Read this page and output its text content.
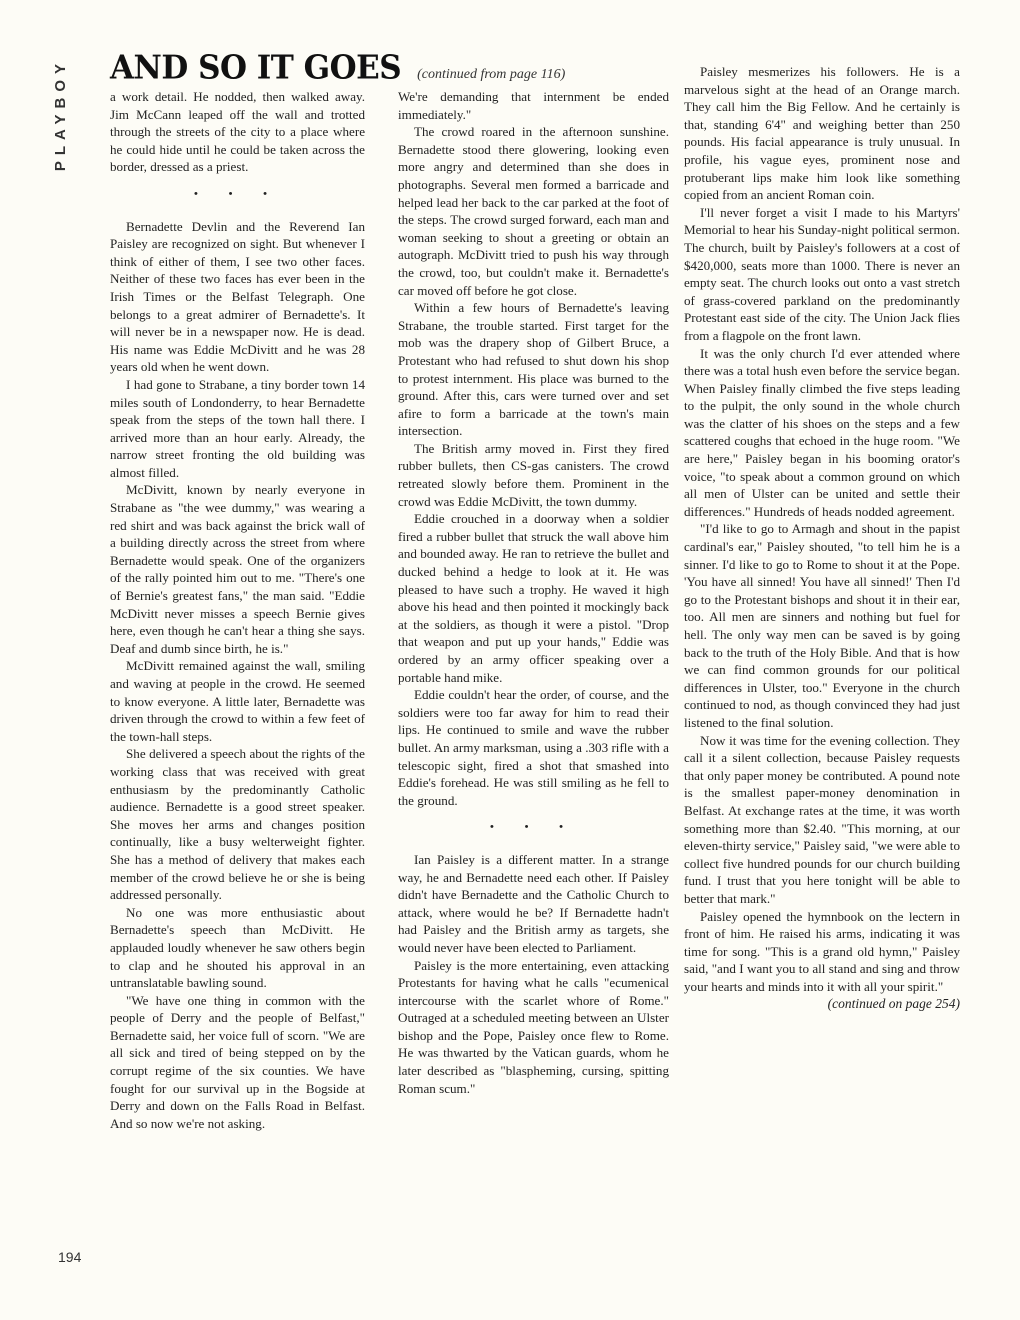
PLAYBOY	AND SO IT GOES (continued from page 116)

a work detail. He nodded, then walked away. Jim McCann leaped off the wall and trotted through the streets of the city to a place where he could hide until he could be taken across the border, dressed as a priest.

• • •

Bernadette Devlin and the Reverend Ian Paisley are recognized on sight. But whenever I think of either of them, I see two other faces. Neither of these two faces has ever been in the Irish Times or the Belfast Telegraph. One belongs to a great admirer of Bernadette's. It will never be in a newspaper now. He is dead. His name was Eddie McDivitt and he was 28 years old when he went down.

I had gone to Strabane, a tiny border town 14 miles south of Londonderry, to hear Bernadette speak from the steps of the town hall there. I arrived more than an hour early. Already, the narrow street fronting the old building was almost filled.

McDivitt, known by nearly everyone in Strabane as "the wee dummy," was wearing a red shirt and was back against the brick wall of a building directly across the street from where Bernadette would speak. One of the organizers of the rally pointed him out to me. "There's one of Bernie's greatest fans," the man said. "Eddie McDivitt never misses a speech Bernie gives here, even though he can't hear a thing she says. Deaf and dumb since birth, he is."

McDivitt remained against the wall, smiling and waving at people in the crowd. He seemed to know everyone. A little later, Bernadette was driven through the crowd to within a few feet of the town-hall steps.

She delivered a speech about the rights of the working class that was received with great enthusiasm by the predominantly Catholic audience. Bernadette is a good street speaker. She moves her arms and changes position continually, like a busy welterweight fighter. She has a method of delivery that makes each member of the crowd believe he or she is being addressed personally.

No one was more enthusiastic about Bernadette's speech than McDivitt. He applauded loudly whenever he saw others begin to clap and he shouted his approval in an untranslatable bawling sound.

"We have one thing in common with the people of Derry and the people of Belfast," Bernadette said, her voice full of scorn. "We are all sick and tired of being stepped on by the corrupt regime of the six counties. We have fought for our survival up in the Bogside at Derry and down on the Falls Road in Belfast. And so now we're not asking.

We're demanding that internment be ended immediately."

The crowd roared in the afternoon sunshine. Bernadette stood there glowering, looking even more angry and determined than she does in photographs. Several men formed a barricade and helped lead her back to the car parked at the foot of the steps. The crowd surged forward, each man and woman seeking to shout a greeting or obtain an autograph. McDivitt tried to push his way through the crowd, too, but couldn't make it. Bernadette's car moved off before he got close.

Within a few hours of Bernadette's leaving Strabane, the trouble started. First target for the mob was the drapery shop of Gilbert Bruce, a Protestant who had refused to shut down his shop to protest internment. His place was burned to the ground. After this, cars were turned over and set afire to form a barricade at the town's main intersection.

The British army moved in. First they fired rubber bullets, then CS-gas canisters. The crowd retreated slowly before them. Prominent in the crowd was Eddie McDivitt, the town dummy.

Eddie crouched in a doorway when a soldier fired a rubber bullet that struck the wall above him and bounded away. He ran to retrieve the bullet and ducked behind a hedge to look at it. He was pleased to have such a trophy. He waved it high above his head and then pointed it mockingly back at the soldiers, as though it were a pistol. "Drop that weapon and put up your hands," Eddie was ordered by an army officer speaking over a portable hand mike.

Eddie couldn't hear the order, of course, and the soldiers were too far away for him to read their lips. He continued to smile and wave the rubber bullet. An army marksman, using a .303 rifle with a telescopic sight, fired a shot that smashed into Eddie's forehead. He was still smiling as he fell to the ground.

• • •

Ian Paisley is a different matter. In a strange way, he and Bernadette need each other. If Paisley didn't have Bernadette and the Catholic Church to attack, where would he be? If Bernadette hadn't had Paisley and the British army as targets, she would never have been elected to Parliament.

Paisley is the more entertaining, even attacking Protestants for having what he calls "ecumenical intercourse with the scarlet whore of Rome." Outraged at a scheduled meeting between an Ulster bishop and the Pope, Paisley once flew to Rome. He was thwarted by the Vatican guards, whom he later described as "blaspheming, cursing, spitting Roman scum."

Paisley mesmerizes his followers. He is a marvelous sight at the head of an Orange march. They call him the Big Fellow. And he certainly is that, standing 6'4" and weighing better than 250 pounds. His facial appearance is truly unusual. In profile, his vague eyes, prominent nose and protuberant lips make him look like something copied from an ancient Roman coin.

I'll never forget a visit I made to his Martyrs' Memorial to hear his Sunday-night political sermon. The church, built by Paisley's followers at a cost of $420,000, seats more than 1000. There is never an empty seat. The church looks out onto a vast stretch of grass-covered parkland on the predominantly Protestant east side of the city. The Union Jack flies from a flagpole on the front lawn.

It was the only church I'd ever attended where there was a total hush even before the service began. When Paisley finally climbed the five steps leading to the pulpit, the only sound in the whole church was the clatter of his shoes on the steps and a few scattered coughs that echoed in the huge room. "We are here," Paisley began in his booming orator's voice, "to speak about a common ground on which all men of Ulster can be united and settle their differences." Hundreds of heads nodded agreement.

"I'd like to go to Armagh and shout in the papist cardinal's ear," Paisley shouted, "to tell him he is a sinner. I'd like to go to Rome to shout it at the Pope. 'You have all sinned! You have all sinned!' Then I'd go to the Protestant bishops and shout it in their ear, too. All men are sinners and nothing but fuel for hell. The only way men can be saved is by going back to the truth of the Holy Bible. And that is how we can find common grounds for our political differences in Ulster, too." Everyone in the church continued to nod, as though convinced they had just listened to the final solution.

Now it was time for the evening collection. They call it a silent collection, because Paisley requests that only paper money be contributed. A pound note is the smallest paper-money denomination in Belfast. At exchange rates at the time, it was worth something more than $2.40. "This morning, at our eleven-thirty service," Paisley said, "we were able to collect five hundred pounds for our church building fund. I trust that you here tonight will be able to better that mark."

Paisley opened the hymnbook on the lectern in front of him. He raised his arms, indicating it was time for song. "This is a grand old hymn," Paisley said, "and I want you to all stand and sing and throw your hearts and minds into it with all your spirit."

(continued on page 254)
194
